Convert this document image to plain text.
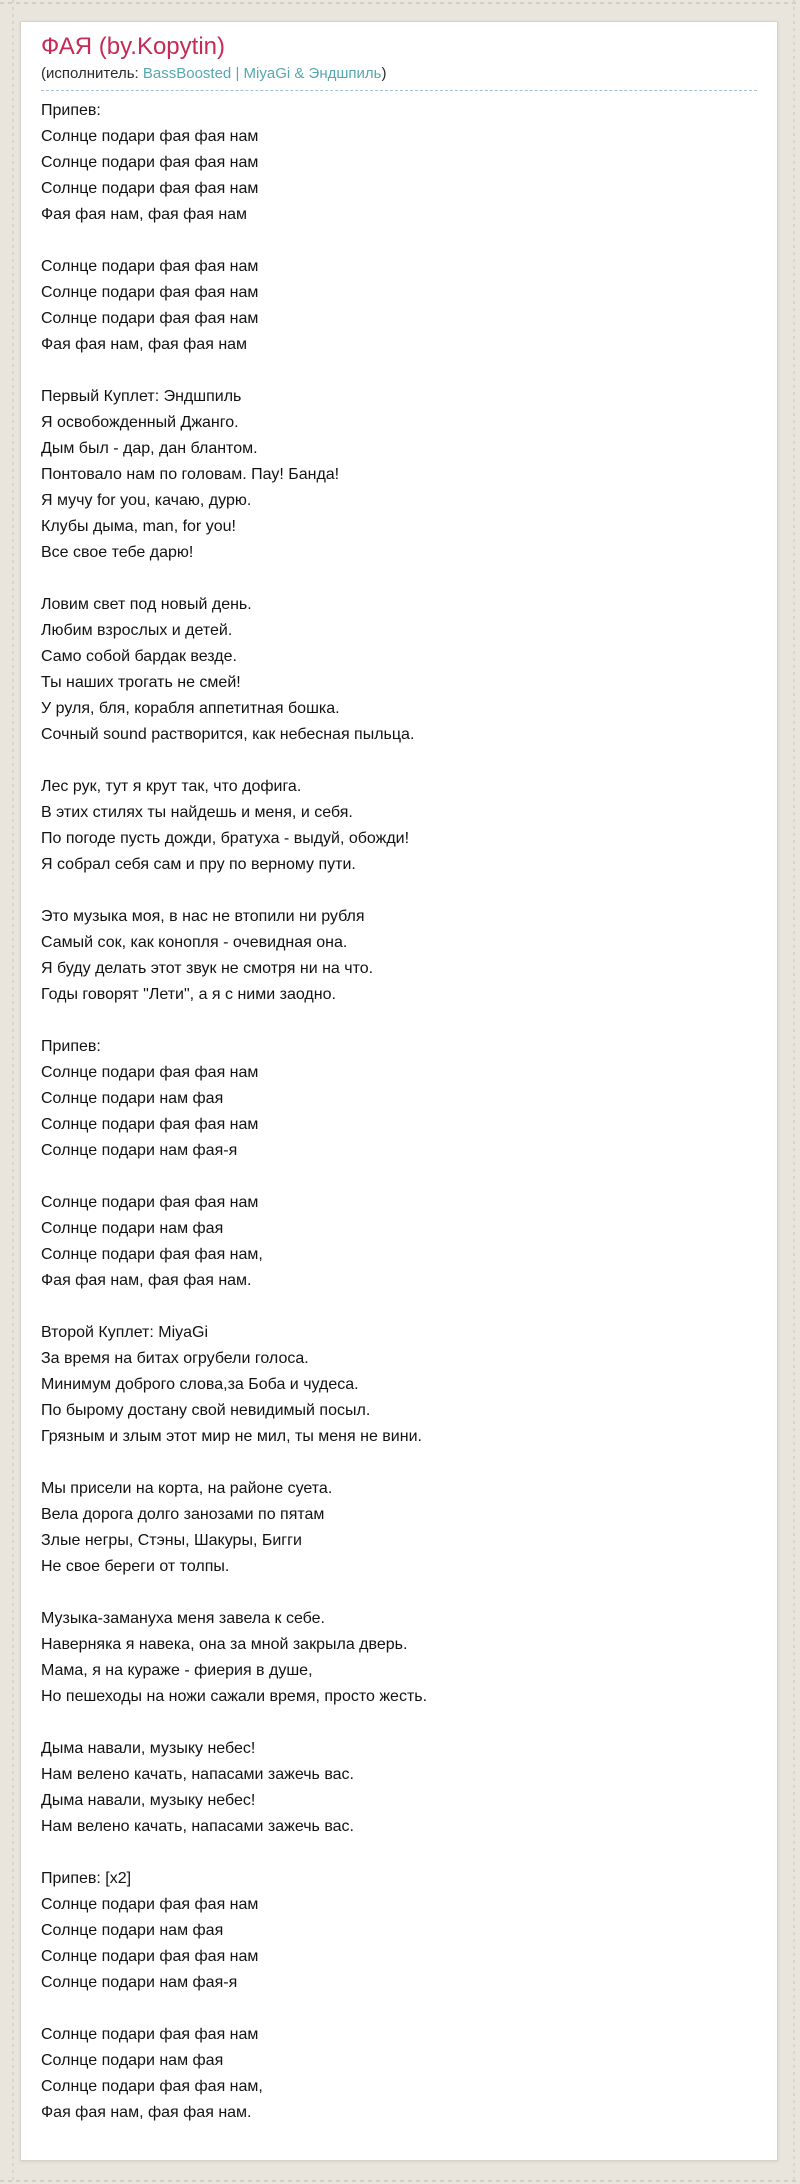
ФАЯ (by.Kopytin)
(исполнитель: BassBoosted | MiyaGi & Эндшпиль)
Припев:
Солнце подари фая фая нам
Солнце подари фая фая нам
Солнце подари фая фая нам
Фая фая нам, фая фая нам

Солнце подари фая фая нам
Солнце подари фая фая нам
Солнце подари фая фая нам
Фая фая нам, фая фая нам

Первый Куплет: Эндшпиль
Я освобожденный Джанго.
Дым был - дар, дан блантом.
Понтовало нам по головам. Пау! Банда!
Я мучу for you, качаю, дурю.
Клубы дыма, man, for you!
Все свое тебе дарю!

Ловим свет под новый день.
Любим взрослых и детей.
Само собой бардак везде.
Ты наших трогать не смей!
У руля, бля, корабля аппетитная бошка.
Сочный sound растворится, как небесная пыльца.

Лес рук, тут я крут так, что дофига.
В этих стилях ты найдешь и меня, и себя.
По погоде пусть дожди, братуха - выдуй, обожди!
Я собрал себя сам и пру по верному пути.

Это музыка моя, в нас не втопили ни рубля
Самый сок, как конопля - очевидная она.
Я буду делать этот звук не смотря ни на что.
Годы говорят "Лети", а я с ними заодно.

Припев:
Солнце подари фая фая нам
Солнце подари нам фая
Солнце подари фая фая нам
Солнце подари нам фая-я

Солнце подари фая фая нам
Солнце подари нам фая
Солнце подари фая фая нам,
Фая фая нам, фая фая нам.

Второй Куплет: MiyaGi
За время на битах огрубели голоса.
Минимум доброго слова,за Боба и чудеса.
По бырому достану свой невидимый посыл.
Грязным и злым этот мир не мил, ты меня не вини.

Мы присели на корта, на районе суета.
Вела дорога долго занозами по пятам
Злые негры, Стэны, Шакуры, Бигги
Не свое береги от толпы.

Музыка-замануха меня завела к себе.
Наверняка я навека, она за мной закрыла дверь.
Мама, я на кураже - фиерия в душе,
Но пешеходы на ножи сажали время, просто жесть.

Дыма навали, музыку небес!
Нам велено качать, напасами зажечь вас.
Дыма навали, музыку небес!
Нам велено качать, напасами зажечь вас.

Припев: [x2]
Солнце подари фая фая нам
Солнце подари нам фая
Солнце подари фая фая нам
Солнце подари нам фая-я

Солнце подари фая фая нам
Солнце подари нам фая
Солнце подари фая фая нам,
Фая фая нам, фая фая нам.
